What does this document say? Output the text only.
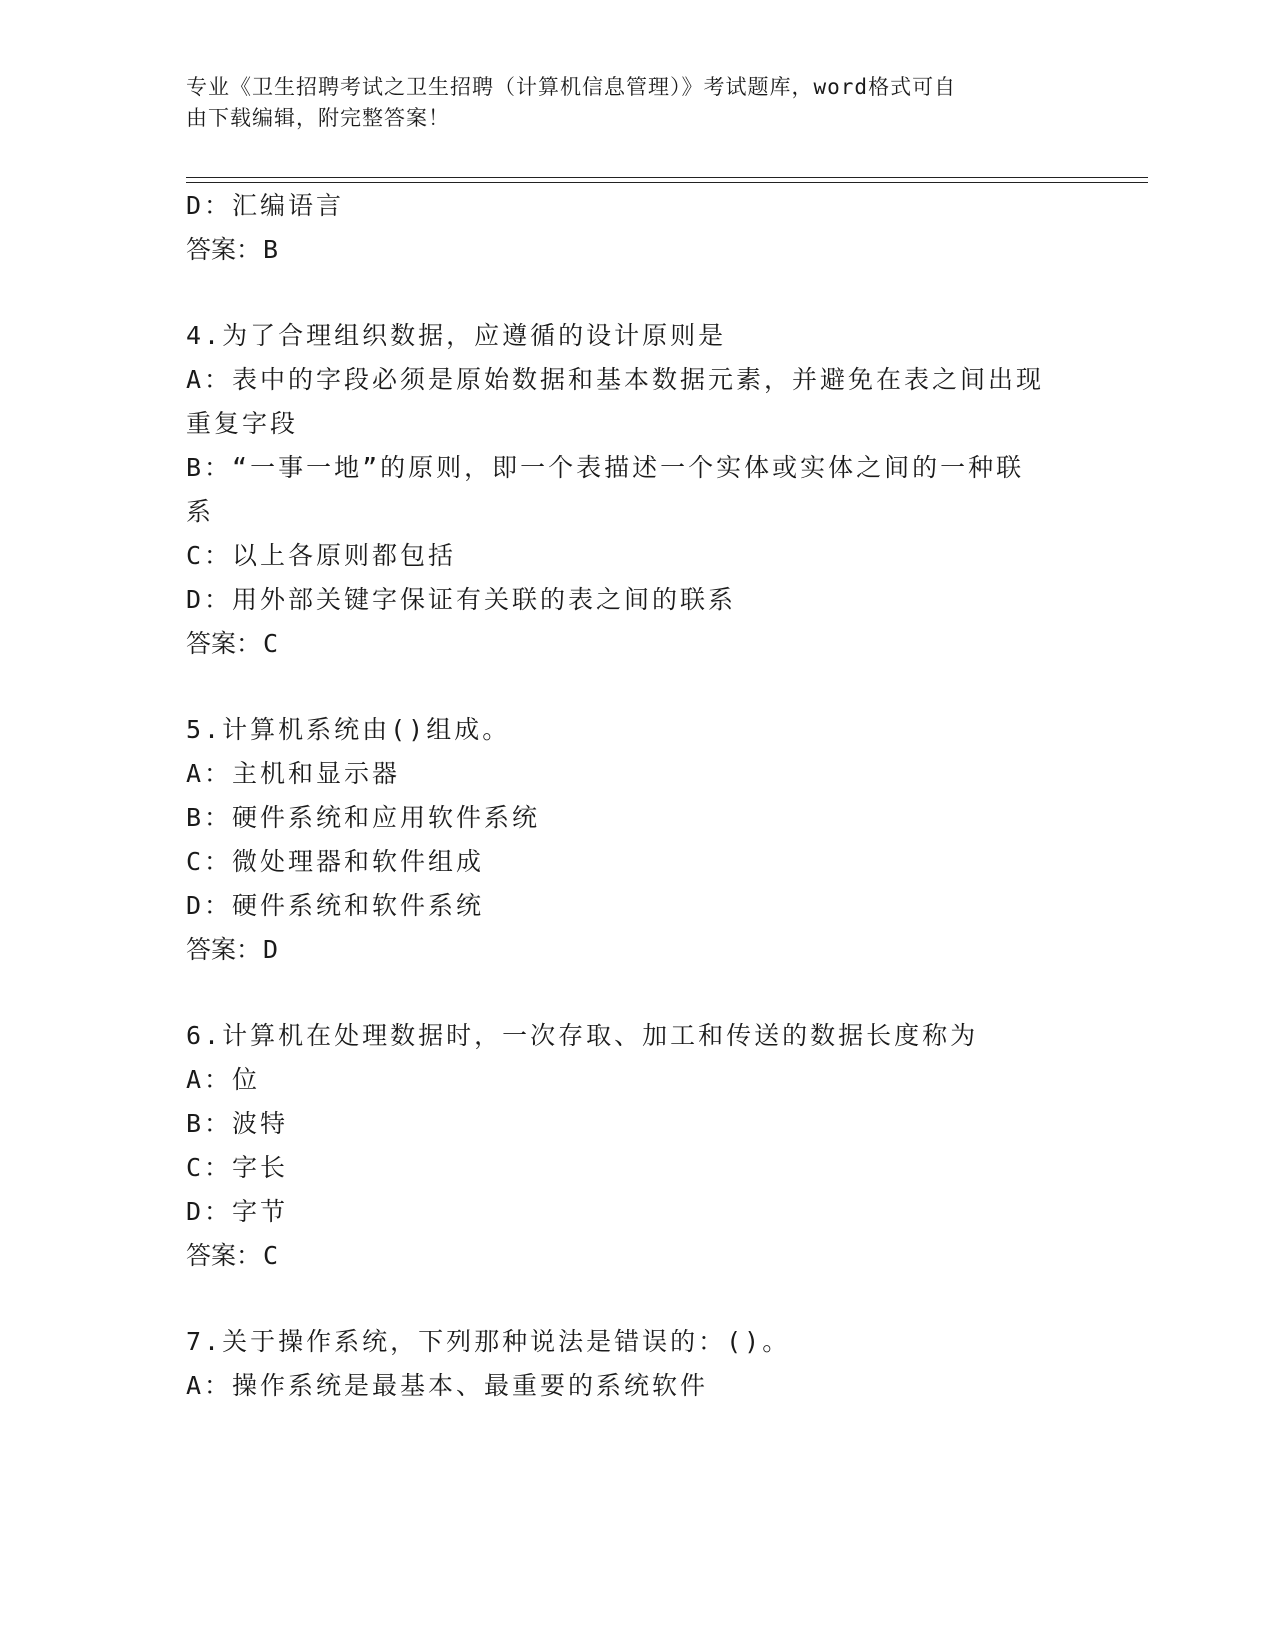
专业《卫生招聘考试之卫生招聘（计算机信息管理）》考试题库，word格式可自
由下载编辑，附完整答案！
D：汇编语言
答案：B
4.为了合理组织数据，应遵循的设计原则是
A：表中的字段必须是原始数据和基本数据元素，并避免在表之间出现
重复字段
B：“一事一地”的原则，即一个表描述一个实体或实体之间的一种联
系
C：以上各原则都包括
D：用外部关键字保证有关联的表之间的联系
答案：C
5.计算机系统由()组成。
A：主机和显示器
B：硬件系统和应用软件系统
C：微处理器和软件组成
D：硬件系统和软件系统
答案：D
6.计算机在处理数据时，一次存取、加工和传送的数据长度称为
A：位
B：波特
C：字长
D：字节
答案：C
7.关于操作系统，下列那种说法是错误的：()。
A：操作系统是最基本、最重要的系统软件
